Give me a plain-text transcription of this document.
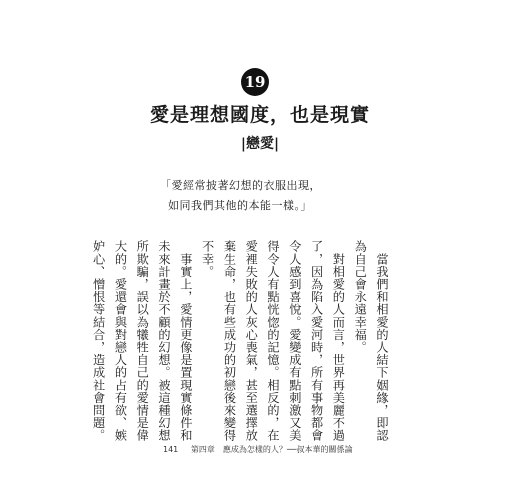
19
愛是理想國度，也是現實
|戀愛|
「愛經常披著幻想的衣服出現，
如同我們其他的本能一樣。」

　當我們和相愛的人結下姻緣，即認為自己會永遠幸福。

　對相愛的人而言，世界再美麗不過了，因為陷入愛河時，所有事物都會令人感到喜悅。愛變成有點刺激又美得令人有點恍惚的記憶。相反的，在愛裡失敗的人灰心喪氣，甚至選擇放棄生命，也有些成功的初戀後來變得不幸。

　事實上，愛情更像是置現實條件和未來計畫於不顧的幻想。被這種幻想所欺騙，誤以為犧牲自己的愛情是偉大的。愛還會與對戀人的占有欲、嫉妒心、憎恨等結合，造成社會問題。

141 第四章　應成為怎樣的人？──叔本華的關係論
